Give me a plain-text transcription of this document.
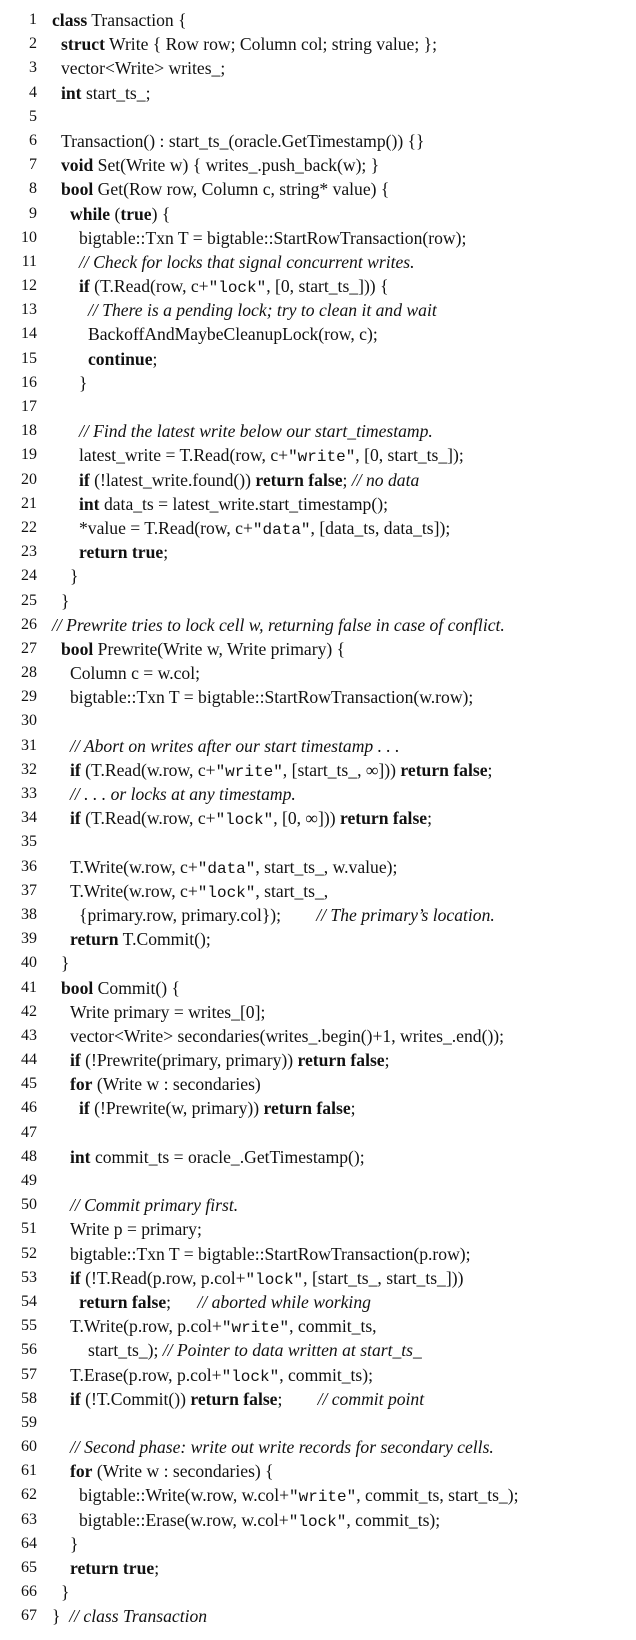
1 class Transaction {
2 struct Write { Row row; Column col; string value; };
3 vector<Write> writes_;
4 int start_ts_;
5
6 Transaction() : start_ts_(oracle.GetTimestamp()) {}
7 void Set(Write w) { writes_.push_back(w); }
8 bool Get(Row row, Column c, string* value) {
9 while (true) {
10 bigtable::Txn T = bigtable::StartRowTransaction(row);
11 // Check for locks that signal concurrent writes.
12 if (T.Read(row, c+"lock", [0, start_ts_])) {
13	// There is a pending lock; try to clean it and wait
14	BackoffAndMaybeCleanupLock(row, c);
15	continue;
16 }
17
18 // Find the latest write below our start_timestamp.
19 latest_write = T.Read(row, c+"write", [0, start_ts_]);
20 if (!latest_write.found()) return false; // no data
21 int data_ts = latest_write.start_timestamp();
22 *value = T.Read(row, c+"data", [data_ts, data_ts]);
23 return true;
24 }
25 }
26 // Prewrite tries to lock cell w, returning false in case of conflict.
27 bool Prewrite(Write w, Write primary) {
28 Column c = w.col;
29 bigtable::Txn T = bigtable::StartRowTransaction(w.row);
30
31 // Abort on writes after our start timestamp . . .
32 if (T.Read(w.row, c+"write", [start_ts_, ∞])) return false;
33 // . . . or locks at any timestamp.
34 if (T.Read(w.row, c+"lock", [0, ∞])) return false;
35
36 T.Write(w.row, c+"data", start_ts_, w.value);
37 T.Write(w.row, c+"lock", start_ts_,
38 {primary.row, primary.col});        // The primary’s location.
39 return T.Commit();
40 }
41 bool Commit() {
42 Write primary = writes_[0];
43 vector<Write> secondaries(writes_.begin()+1, writes_.end());
44 if (!Prewrite(primary, primary)) return false;
45 for (Write w : secondaries)
46 if (!Prewrite(w, primary)) return false;
47
48 int commit_ts = oracle_.GetTimestamp();
49
50 // Commit primary first.
51 Write p = primary;
52 bigtable::Txn T = bigtable::StartRowTransaction(p.row);
53 if (!T.Read(p.row, p.col+"lock", [start_ts_, start_ts_]))
54 return false;      // aborted while working
55 T.Write(p.row, p.col+"write", commit_ts,
56	start_ts_); // Pointer to data written at start_ts_
57 T.Erase(p.row, p.col+"lock", commit_ts);
58 if (!T.Commit()) return false;        // commit point
59
60 // Second phase: write out write records for secondary cells.
61 for (Write w : secondaries) {
62 bigtable::Write(w.row, w.col+"write", commit_ts, start_ts_);
63 bigtable::Erase(w.row, w.col+"lock", commit_ts);
64 }
65 return true;
66 }
67 }  // class Transaction
